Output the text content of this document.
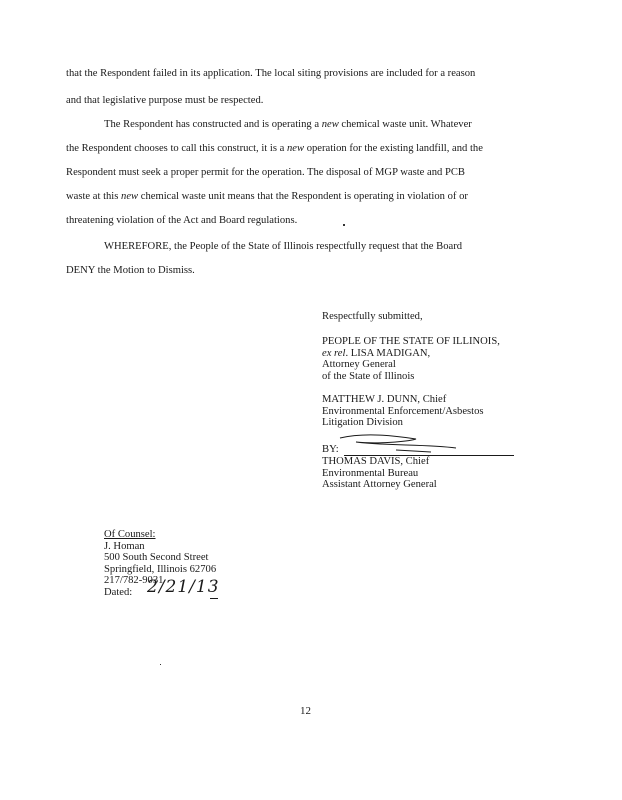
that the Respondent failed in its application. The local siting provisions are included for a reason
and that legislative purpose must be respected.
The Respondent has constructed and is operating a new chemical waste unit. Whatever
the Respondent chooses to call this construct, it is a new operation for the existing landfill, and the
Respondent must seek a proper permit for the operation. The disposal of MGP waste and PCB
waste at this new chemical waste unit means that the Respondent is operating in violation of or
threatening violation of the Act and Board regulations.
WHEREFORE, the People of the State of Illinois respectfully request that the Board
DENY the Motion to Dismiss.
Respectfully submitted,
PEOPLE OF THE STATE OF ILLINOIS,
ex rel. LISA MADIGAN,
Attorney General
of the State of Illinois
MATTHEW J. DUNN, Chief
Environmental Enforcement/Asbestos
Litigation Division
BY:
THOMAS DAVIS, Chief
Environmental Bureau
Assistant Attorney General
Of Counsel:
J. Homan
500 South Second Street
Springfield, Illinois 62706
217/782-9031
Dated: 2/21/13
12
